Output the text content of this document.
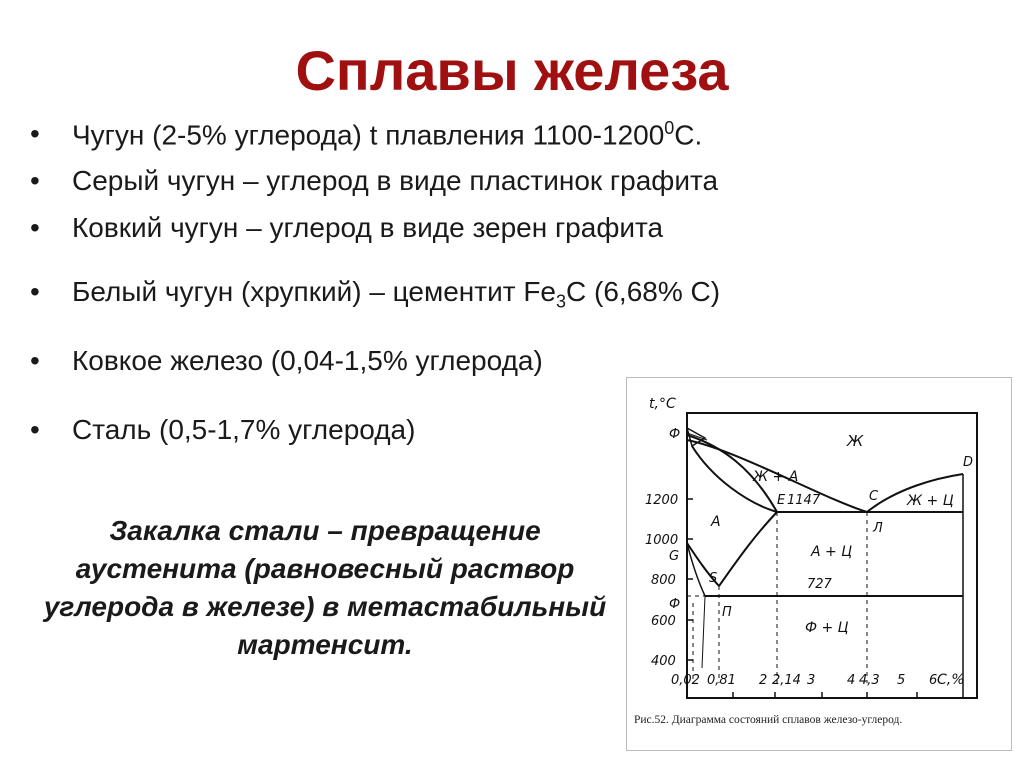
Сплавы железа
• Чугун (2-5% углерода) t плавления 1100-1200$^0$С.
• Серый чугун – углерод в виде пластинок графита
• Ковкий чугун – углерод в виде зерен графита
• Белый чугун (хрупкий) – цементит $Fe_3C$ (6,68% C)
• Ковкое железо (0,04-1,5% углерода)
• Сталь (0,5-1,7% углерода)
Закалка стали – превращение аустенита (равновесный раствор углерода в железе) в метастабильный мартенсит.
t,°C
C,%
1200
1000
800
600
400
0,02 0,81 2 2,14 3 4 4,3 5 6
Ф
G
Ф
Ж
Ж + А
Ж + Ц
А
А + Ц
Ф + Ц
E	C
D
S
П
Л
1147
727
Рис.52. Диаграмма состояний сплавов железо-углерод.
